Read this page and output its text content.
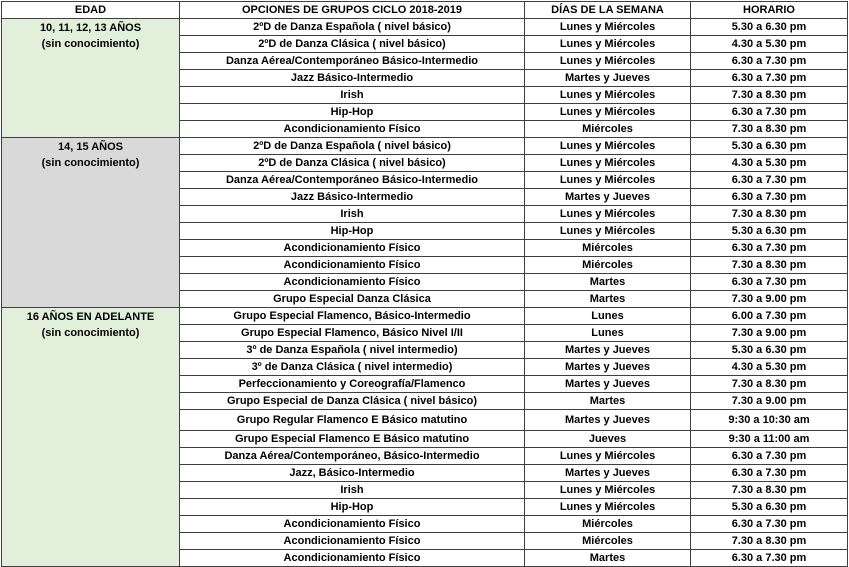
EDAD	OPCIONES DE GRUPOS CICLO 2018-2019	DÍAS DE LA SEMANA	HORARIO

10, 11, 12, 13 AÑOS
(sin conocimiento)	2ºD de Danza Española ( nivel básico)	Lunes y Miércoles	5.30 a 6.30 pm
	2ºD de Danza Clásica ( nivel básico)	Lunes y Miércoles	4.30 a 5.30 pm
	Danza Aérea/Contemporáneo Básico-Intermedio	Lunes y Miércoles	6.30 a 7.30 pm
	Jazz Básico-Intermedio	Martes y Jueves	6.30 a 7.30 pm
	Irish	Lunes y Miércoles	7.30 a 8.30 pm
	Hip-Hop	Lunes y Miércoles	6.30 a 7.30 pm
	Acondicionamiento Físico	Miércoles	7.30 a 8.30 pm

14, 15 AÑOS
(sin conocimiento)	2ºD de Danza Española ( nivel básico)	Lunes y Miércoles	5.30 a 6.30 pm
	2ºD de Danza Clásica ( nivel básico)	Lunes y Miércoles	4.30 a 5.30 pm
	Danza Aérea/Contemporáneo Básico-Intermedio	Lunes y Miércoles	6.30 a 7.30 pm
	Jazz Básico-Intermedio	Martes y Jueves	6.30 a 7.30 pm
	Irish	Lunes y Miércoles	7.30 a 8.30 pm
	Hip-Hop	Lunes y Miércoles	5.30 a 6.30 pm
	Acondicionamiento Físico	Miércoles	6.30 a 7.30 pm
	Acondicionamiento Físico	Miércoles	7.30 a 8.30 pm
	Acondicionamiento Físico	Martes	6.30 a 7.30 pm
	Grupo Especial Danza Clásica	Martes	7.30 a 9.00 pm

16 AÑOS EN ADELANTE
(sin conocimiento)	Grupo Especial Flamenco, Básico-Intermedio	Lunes	6.00 a 7.30 pm
	Grupo Especial Flamenco, Básico Nivel I/II	Lunes	7.30 a 9.00 pm
	3º de Danza Española ( nivel intermedio)	Martes y Jueves	5.30 a 6.30 pm
	3º de Danza Clásica ( nivel intermedio)	Martes y Jueves	4.30 a 5.30 pm
	Perfeccionamiento y Coreografía/Flamenco	Martes y Jueves	7.30 a 8.30 pm
	Grupo Especial de Danza Clásica ( nivel básico)	Martes	7.30 a 9.00 pm
	Grupo Regular Flamenco E Básico matutino	Martes y Jueves	9:30 a 10:30 am
	Grupo Especial Flamenco E Básico matutino	Jueves	9:30 a 11:00 am
	Danza Aérea/Contemporáneo, Básico-Intermedio	Lunes y Miércoles	6.30 a 7.30 pm
	Jazz, Básico-Intermedio	Martes y Jueves	6.30 a 7.30 pm
	Irish	Lunes y Miércoles	7.30 a 8.30 pm
	Hip-Hop	Lunes y Miércoles	5.30 a 6.30 pm
	Acondicionamiento Físico	Miércoles	6.30 a 7.30 pm
	Acondicionamiento Físico	Miércoles	7.30 a 8.30 pm
	Acondicionamiento Físico	Martes	6.30 a 7.30 pm
